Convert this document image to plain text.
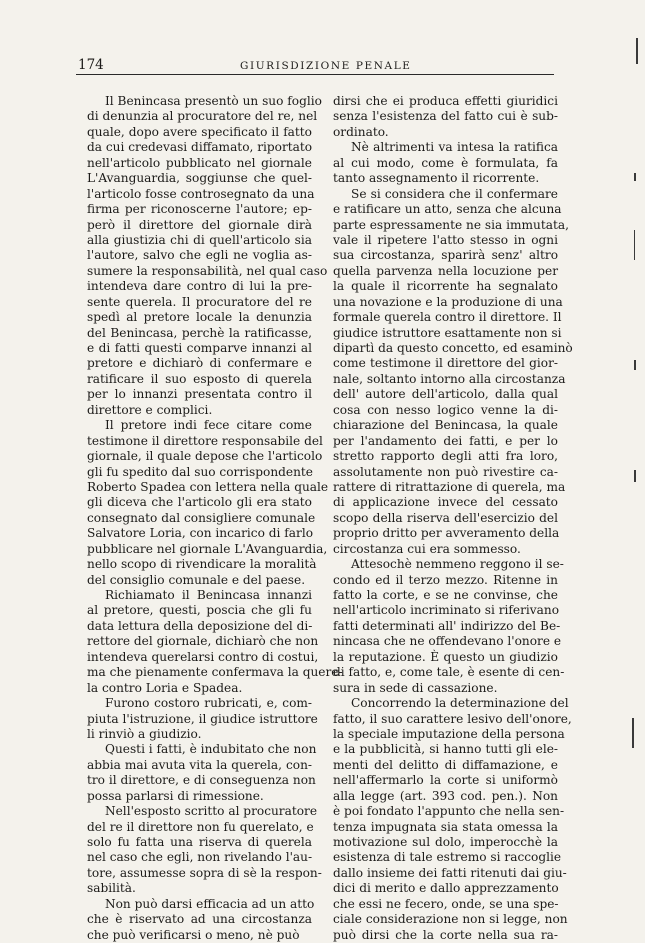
174	GIURISDIZIONE PENALE
Il Benincasa presentò un suo foglio
di denunzia al procuratore del re, nel
quale, dopo avere specificato il fatto
da cui credevasi diffamato, riportato
nell'articolo pubblicato nel giornale
L'Avanguardia, soggiunse che quel-
l'articolo fosse controsegnato da una
firma per riconoscerne l'autore; ep-
però il direttore del giornale dirà
alla giustizia chi di quell'articolo sia
l'autore, salvo che egli ne voglia as-
sumere la responsabilità, nel qual caso
intendeva dare contro di lui la pre-
sente querela. Il procuratore del re
spedì al pretore locale la denunzia
del Benincasa, perchè la ratificasse,
e di fatti questi comparve innanzi al
pretore e dichiarò di confermare e
ratificare il suo esposto di querela
per lo innanzi presentata contro il
direttore e complici.
Il pretore indi fece citare come
testimone il direttore responsabile del
giornale, il quale depose che l'articolo
gli fu spedito dal suo corrispondente
Roberto Spadea con lettera nella quale
gli diceva che l'articolo gli era stato
consegnato dal consigliere comunale
Salvatore Loria, con incarico di farlo
pubblicare nel giornale L'Avanguardia,
nello scopo di rivendicare la moralità
del consiglio comunale e del paese.
Richiamato il Benincasa innanzi
al pretore, questi, poscia che gli fu
data lettura della deposizione del di-
rettore del giornale, dichiarò che non
intendeva querelarsi contro di costui,
ma che pienamente confermava la quere-
la contro Loria e Spadea.
Furono costoro rubricati, e, com-
piuta l'istruzione, il giudice istruttore
li rinviò a giudizio.
Questi i fatti, è indubitato che non
abbia mai avuta vita la querela, con-
tro il direttore, e di conseguenza non
possa parlarsi di rimessione.
Nell'esposto scritto al procuratore
del re il direttore non fu querelato, e
solo fu fatta una riserva di querela
nel caso che egli, non rivelando l'au-
tore, assumesse sopra di sè la respon-
sabilità.
Non può darsi efficacia ad un atto
che è riservato ad una circostanza
che può verificarsi o meno, nè può
dirsi che ei produca effetti giuridici
senza l'esistenza del fatto cui è sub-
ordinato.
Nè altrimenti va intesa la ratifica
al cui modo, come è formulata, fa
tanto assegnamento il ricorrente.
Se si considera che il confermare
e ratificare un atto, senza che alcuna
parte espressamente ne sia immutata,
vale il ripetere l'atto stesso in ogni
sua circostanza, sparirà senz' altro
quella parvenza nella locuzione per
la quale il ricorrente ha segnalato
una novazione e la produzione di una
formale querela contro il direttore. Il
giudice istruttore esattamente non si
dipartì da questo concetto, ed esaminò
come testimone il direttore del gior-
nale, soltanto intorno alla circostanza
dell' autore dell'articolo, dalla qual
cosa con nesso logico venne la di-
chiarazione del Benincasa, la quale
per l'andamento dei fatti, e per lo
stretto rapporto degli atti fra loro,
assolutamente non può rivestire ca-
rattere di ritrattazione di querela, ma
di applicazione invece del cessato
scopo della riserva dell'esercizio del
proprio dritto per avveramento della
circostanza cui era sommesso.
Attesochè nemmeno reggono il se-
condo ed il terzo mezzo. Ritenne in
fatto la corte, e se ne convinse, che
nell'articolo incriminato si riferivano
fatti determinati all' indirizzo del Be-
nincasa che ne offendevano l'onore e
la reputazione. È questo un giudizio
di fatto, e, come tale, è esente di cen-
sura in sede di cassazione.
Concorrendo la determinazione del
fatto, il suo carattere lesivo dell'onore,
la speciale imputazione della persona
e la pubblicità, si hanno tutti gli ele-
menti del delitto di diffamazione, e
nell'affermarlo la corte si uniformò
alla legge (art. 393 cod. pen.). Non
è poi fondato l'appunto che nella sen-
tenza impugnata sia stata omessa la
motivazione sul dolo, imperocchè la
esistenza di tale estremo si raccoglie
dallo insieme dei fatti ritenuti dai giu-
dici di merito e dallo apprezzamento
che essi ne fecero, onde, se una spe-
ciale considerazione non si legge, non
può dirsi che la corte nella sua ra-
